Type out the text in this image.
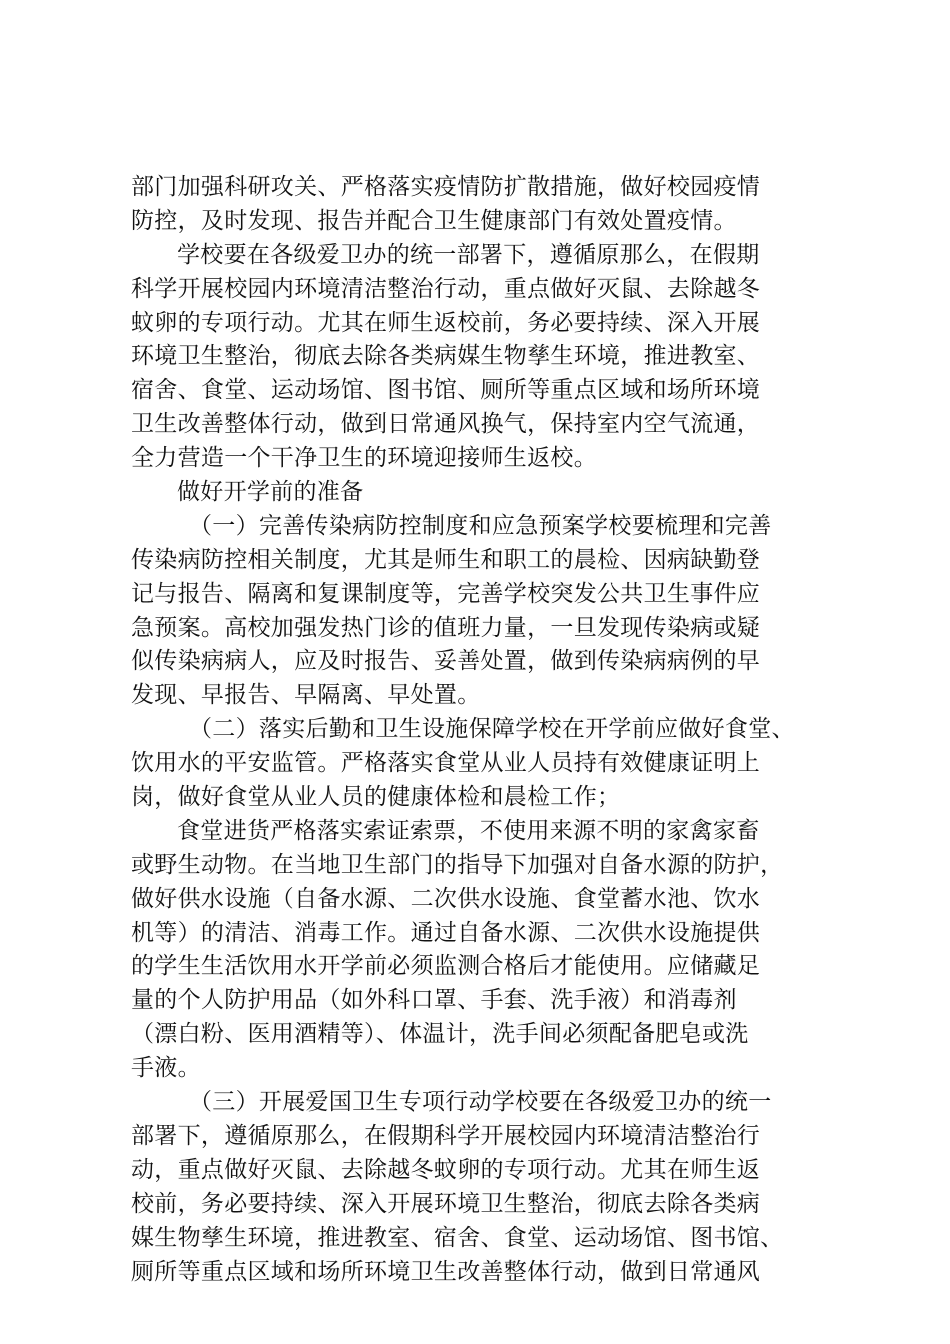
部门加强科研攻关、严格落实疫情防扩散措施，做好校园疫情
防控，及时发现、报告并配合卫生健康部门有效处置疫情。
学校要在各级爱卫办的统一部署下，遵循原那么，在假期
科学开展校园内环境清洁整治行动，重点做好灭鼠、去除越冬
蚊卵的专项行动。尤其在师生返校前，务必要持续、深入开展
环境卫生整治，彻底去除各类病媒生物孳生环境，推进教室、
宿舍、食堂、运动场馆、图书馆、厕所等重点区域和场所环境
卫生改善整体行动，做到日常通风换气，保持室内空气流通，
全力营造一个干净卫生的环境迎接师生返校。
做好开学前的准备
（一）完善传染病防控制度和应急预案学校要梳理和完善
传染病防控相关制度，尤其是师生和职工的晨检、因病缺勤登
记与报告、隔离和复课制度等，完善学校突发公共卫生事件应
急预案。高校加强发热门诊的值班力量，一旦发现传染病或疑
似传染病病人，应及时报告、妥善处置，做到传染病病例的早
发现、早报告、早隔离、早处置。
（二）落实后勤和卫生设施保障学校在开学前应做好食堂、
饮用水的平安监管。严格落实食堂从业人员持有效健康证明上
岗，做好食堂从业人员的健康体检和晨检工作；
食堂进货严格落实索证索票，不使用来源不明的家禽家畜
或野生动物。在当地卫生部门的指导下加强对自备水源的防护，
做好供水设施（自备水源、二次供水设施、食堂蓄水池、饮水
机等）的清洁、消毒工作。通过自备水源、二次供水设施提供
的学生生活饮用水开学前必须监测合格后才能使用。应储藏足
量的个人防护用品（如外科口罩、手套、洗手液）和消毒剂
（漂白粉、医用酒精等）、体温计，洗手间必须配备肥皂或洗
手液。
（三）开展爱国卫生专项行动学校要在各级爱卫办的统一
部署下，遵循原那么，在假期科学开展校园内环境清洁整治行
动，重点做好灭鼠、去除越冬蚊卵的专项行动。尤其在师生返
校前，务必要持续、深入开展环境卫生整治，彻底去除各类病
媒生物孳生环境，推进教室、宿舍、食堂、运动场馆、图书馆、
厕所等重点区域和场所环境卫生改善整体行动，做到日常通风
